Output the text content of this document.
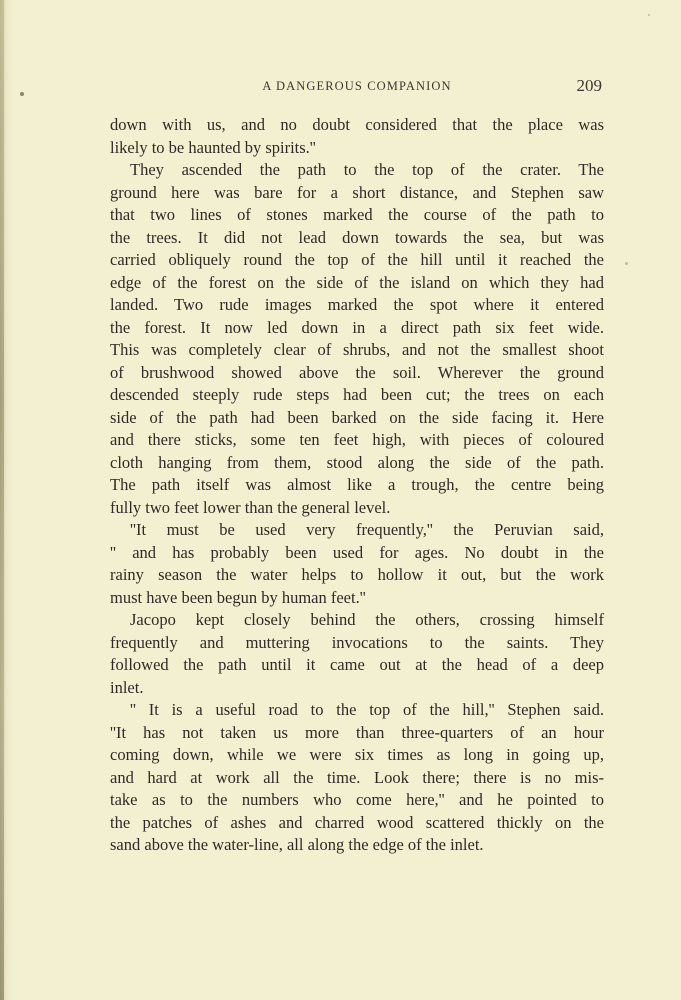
A DANGEROUS COMPANION	209
down with us, and no doubt considered that the place was
likely to be haunted by spirits.''
They ascended the path to the top of the crater. The
ground here was bare for a short distance, and Stephen saw
that two lines of stones marked the course of the path to
the trees. It did not lead down towards the sea, but was
carried obliquely round the top of the hill until it reached the
edge of the forest on the side of the island on which they had
landed. Two rude images marked the spot where it entered
the forest. It now led down in a direct path six feet wide.
This was completely clear of shrubs, and not the smallest shoot
of brushwood showed above the soil. Wherever the ground
descended steeply rude steps had been cut; the trees on each
side of the path had been barked on the side facing it. Here
and there sticks, some ten feet high, with pieces of coloured
cloth hanging from them, stood along the side of the path.
The path itself was almost like a trough, the centre being
fully two feet lower than the general level.
''It must be used very frequently,'' the Peruvian said,
'' and has probably been used for ages. No doubt in the
rainy season the water helps to hollow it out, but the work
must have been begun by human feet.''
Jacopo kept closely behind the others, crossing himself
frequently and muttering invocations to the saints. They
followed the path until it came out at the head of a deep
inlet.
'' It is a useful road to the top of the hill,'' Stephen said.
''It has not taken us more than three-quarters of an hour
coming down, while we were six times as long in going up,
and hard at work all the time. Look there; there is no mis-
take as to the numbers who come here,'' and he pointed to
the patches of ashes and charred wood scattered thickly on the
sand above the water-line, all along the edge of the inlet.
